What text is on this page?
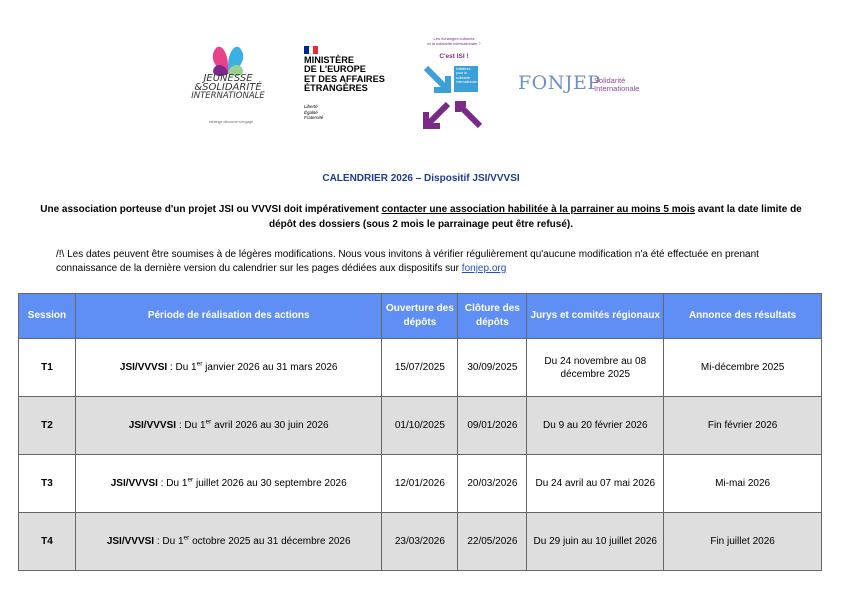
JEUNESSE
&SOLIDARITÉ
INTERNATIONALE
échange·découvre·s'engage
MINISTÈRE
DE L'EUROPE
ET DES AFFAIRES
ÉTRANGÈRES
Liberté
Égalité
Fraternité
Les échanges culturels
et la solidarité internationale ?
C'est ISI !
Initiatives
pour la
solidarité
internationale FONJEP
Solidarité
Internationale
CALENDRIER 2026 – Dispositif JSI/VVVSI
Une association porteuse d'un projet JSI ou VVVSI doit impérativement contacter une association habilitée à la parrainer au moins 5 mois avant la date limite de dépôt des dossiers (sous 2 mois le parrainage peut être refusé).
/!\ Les dates peuvent être soumises à de légères modifications. Nous vous invitons à vérifier régulièrement qu'aucune modification n'a été effectuée en prenant connaissance de la dernière version du calendrier sur les pages dédiées aux dispositifs sur fonjep.org
Session	Période de réalisation des actions	Ouverture des dépôts	Clôture des dépôts	Jurys et comités régionaux	Annonce des résultats
T1	JSI/VVVSI : Du 1er janvier 2026 au 31 mars 2026	15/07/2025	30/09/2025	Du 24 novembre au 08 décembre 2025	Mi-décembre 2025
T2	JSI/VVVSI : Du 1er avril 2026 au 30 juin 2026	01/10/2025	09/01/2026	Du 9 au 20 février 2026	Fin février 2026
T3	JSI/VVVSI : Du 1er juillet 2026 au 30 septembre 2026	12/01/2026	20/03/2026	Du 24 avril au 07 mai 2026	Mi-mai 2026
T4	JSI/VVVSI : Du 1er octobre 2025 au 31 décembre 2026	23/03/2026	22/05/2026	Du 29 juin au 10 juillet 2026	Fin juillet 2026
